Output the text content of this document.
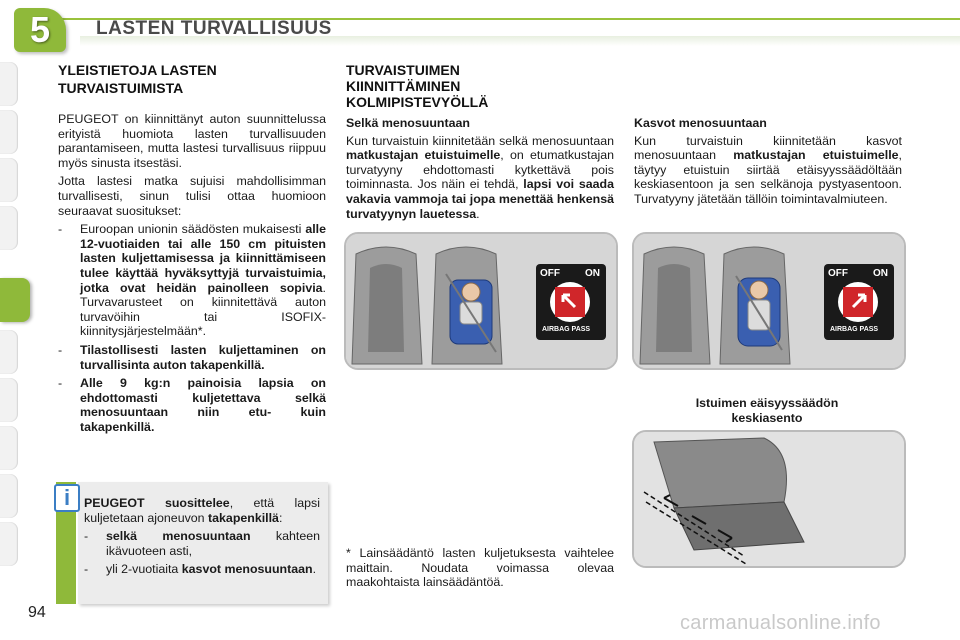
5	LASTEN TURVALLISUUS
YLEISTIETOJA LASTEN
TURVAISTUIMISTA
PEUGEOT on kiinnittänyt auton suunnittelussa erityistä huomiota lasten turvallisuuden parantamiseen, mutta lastesi turvallisuus riippuu myös sinusta itsestäsi.
Jotta lastesi matka sujuisi mahdollisimman turvallisesti, sinun tulisi ottaa huomioon seuraavat suositukset:
- Euroopan unionin säädösten mukaisesti alle 12-vuotiaiden tai alle 150 cm pituisten lasten kuljettamisessa ja kiinnittämiseen tulee käyttää hyväksyttyjä turvaistuimia, jotka ovat heidän painolleen sopivia. Turvavarusteet on kiinnitettävä auton turvavöihin tai ISOFIX-kiinnitysjärjestelmään*.
- Tilastollisesti lasten kuljettaminen on turvallisinta auton takapenkillä.
- Alle 9 kg:n painoisia lapsia on ehdottomasti kuljetettava selkä menosuuntaan niin etu- kuin takapenkillä.
i	PEUGEOT suosittelee, että lapsi kuljetetaan ajoneuvon takapenkillä:
- selkä menosuuntaan kahteen ikävuoteen asti,
- yli 2-vuotiaita kasvot menosuuntaan.
TURVAISTUIMEN
KIINNITTÄMINEN
KOLMIPISTEVYÖLLÄ
Selkä menosuuntaan
Kun turvaistuin kiinnitetään selkä menosuuntaan matkustajan etuistuimelle, on etumatkustajan turvatyyny ehdottomasti kytkettävä pois toiminnasta. Jos näin ei tehdä, lapsi voi saada vakavia vammoja tai jopa menettää henkensä turvatyynyn lauetessa.
OFF	ON
AIRBAG PASS
* Lainsäädäntö lasten kuljetuksesta vaihtelee maittain. Noudata voimassa olevaa maakohtaista lainsäädäntöä.
Kasvot menosuuntaan
Kun turvaistuin kiinnitetään kasvot menosuuntaan matkustajan etuistuimelle, täytyy etuistuin siirtää etäisyyssäädöltään keskiasentoon ja sen selkänoja pystyasentoon. Turvatyyny jätetään tällöin toimintavalmiuteen.
OFF	ON
AIRBAG PASS
Istuimen eäisyyssäädön keskiasento
94	carmanualsonline.info
